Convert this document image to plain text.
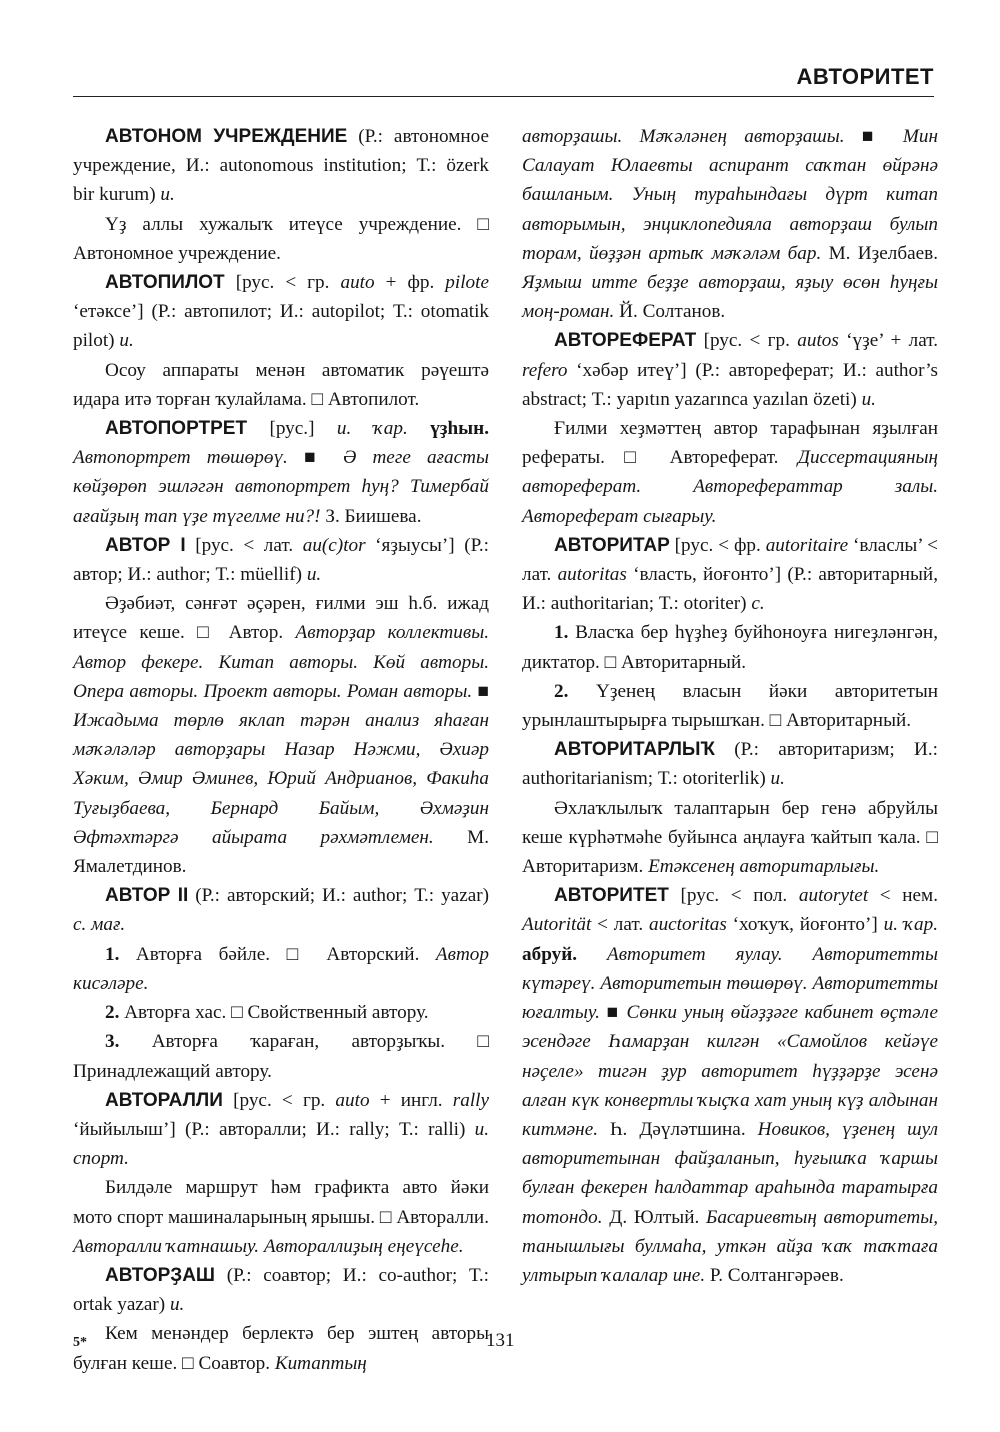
АВТОРИТЕТ

АВТОНОМ УЧРЕЖДЕНИЕ (Р.: автономное учреждение, И.: autonomous institution; Т.: özerk bir kurum) и.

Үҙ аллы хужалыҡ итеүсе учреждение. □ Автономное учреждение.

АВТОПИЛОТ [рус. < гр. auto + фр. pilote ‘етәксе’] (Р.: автопилот; И.: autopilot; Т.: otomatik pilot) и.

Осоу аппараты менән автоматик рәүештә идара итә торған ҡулайлама. □ Автопилот.

АВТОПОРТРЕТ [рус.] и. ҡар. үҙһын. Автопортрет төшөрөү. ■ Ә теге ағасты көйҙөрөп эшләгән автопортрет һуң? Тимербай ағайҙың тап үҙе түгелме ни?! З. Биишева.

АВТОР I [рус. < лат. au(c)tor ‘яҙыусы’] (Р.: автор; И.: author; Т.: müellif) и.

Әҙәбиәт, сәнғәт әҫәрен, ғилми эш һ.б. ижад итеүсе кеше. □ Автор. Авторҙар коллективы. Автор фекере. Китап авторы. Көй авторы. Опера авторы. Проект авторы. Роман авторы. ■ Ижадыма төрлө яклап тәрән анализ яһаған мәҡәләләр авторҙары Назар Нәжми, Әхиәр Хәким, Әмир Әминев, Юрий Андрианов, Факиһа Туғыҙбаева, Бернард Байым, Әхмәҙин Әфтәхтәргә айырата рәхмәтлемен. М. Ямалетдинов.

АВТОР II (Р.: авторский; И.: author; Т.: yazar) с. мағ.

1. Авторға бәйле. □ Авторский. Автор кисәләре.

2. Авторға хас. □ Свойственный автору.

3. Авторға ҡараған, авторҙыҡы. □ Принадлежащий автору.

АВТОРАЛЛИ [рус. < гр. auto + ингл. rally ‘йыйылыш’] (Р.: авторалли; И.: rally; Т.: ralli) и. спорт.

Билдәле маршрут һәм графикта авто йәки мото спорт машиналарының ярышы. □ Авторалли. Авторалли ҡатнашыу. Автораллиҙың еңеүсеһе.

АВТОРҘАШ (Р.: соавтор; И.: co-author; Т.: ortak yazar) и.

Кем менәндер берлектә бер эштең авторы булған кеше. □ Соавтор. Китаптың

авторҙашы. Мәҡәләнең авторҙашы. ■ Мин Салауат Юлаевты аспирант саҡтан өйрәнә башланым. Уның тураһындағы дүрт китап авторымын, энциклопедияла авторҙаш булып торам, йөҙҙән артыҡ мәҡәләм бар. М. Иҙелбаев. Яҙмыш итте беҙҙе авторҙаш, яҙыу өсөн һуңғы моң-роман. Й. Солтанов.

АВТОРЕФЕРАТ [рус. < гр. autos ‘үҙе’ + лат. refero ‘хәбәр итеү’] (Р.: автореферат; И.: author’s abstract; Т.: yapıtın yazarınca yazılan özeti) и.

Ғилми хеҙмәттең автор тарафынан яҙылған рефераты. □ Автореферат. Диссертацияның автореферат. Авторефераттар залы. Автореферат сығарыу.

АВТОРИТАР [рус. < фр. autoritaire ‘власлы’ < лат. autoritas ‘власть, йоғонто’] (Р.: авторитарный, И.: authoritarian; Т.: otoriter) с.

1. Власҡа бер һүҙһеҙ буйһоноуға нигеҙләнгән, диктатор. □ Авторитарный.

2. Үҙенең власын йәки авторитетын урынлаштырырға тырышҡан. □ Авторитарный.

АВТОРИТАРЛЫҠ (Р.: авторитаризм; И.: authoritarianism; Т.: otoriterlik) и.

Әхлаҡлылыҡ талаптарын бер генә абруйлы кеше күрһәтмәһе буйынса аңлауға ҡайтып ҡала. □ Авторитаризм. Етәксенең авторитарлығы.

АВТОРИТЕТ [рус. < пол. autorytet < нем. Autorität < лат. auctoritas ‘хоҡуҡ, йоғонто’] и. ҡар. абруй. Авторитет яулау. Авторитетты күтәреү. Авторитетын төшөрөү. Авторитетты юғалтыу. ■ Сөнки уның өйәҙҙәге кабинет өҫтәле эсендәге Һамарҙан килгән «Самойлов кейәүе нәҫеле» тигән ҙур авторитет һүҙҙәрҙе эсенә алған күк конвертлы ҡыҫҡа хат уның күҙ алдынан китмәне. Һ. Дәүләтшина. Новиков, үҙенең шул авторитетынан файҙаланып, һуғышҡа ҡаршы булған фекерен һалдаттар араһында таратырға тотондо. Д. Юлтый. Басариевтың авторитеты, танышлығы булмаһа, уткән айҙа ҡаҡ таҡтаға ултырып ҡалалар ине. Р. Солтангәрәев.

5*	131
